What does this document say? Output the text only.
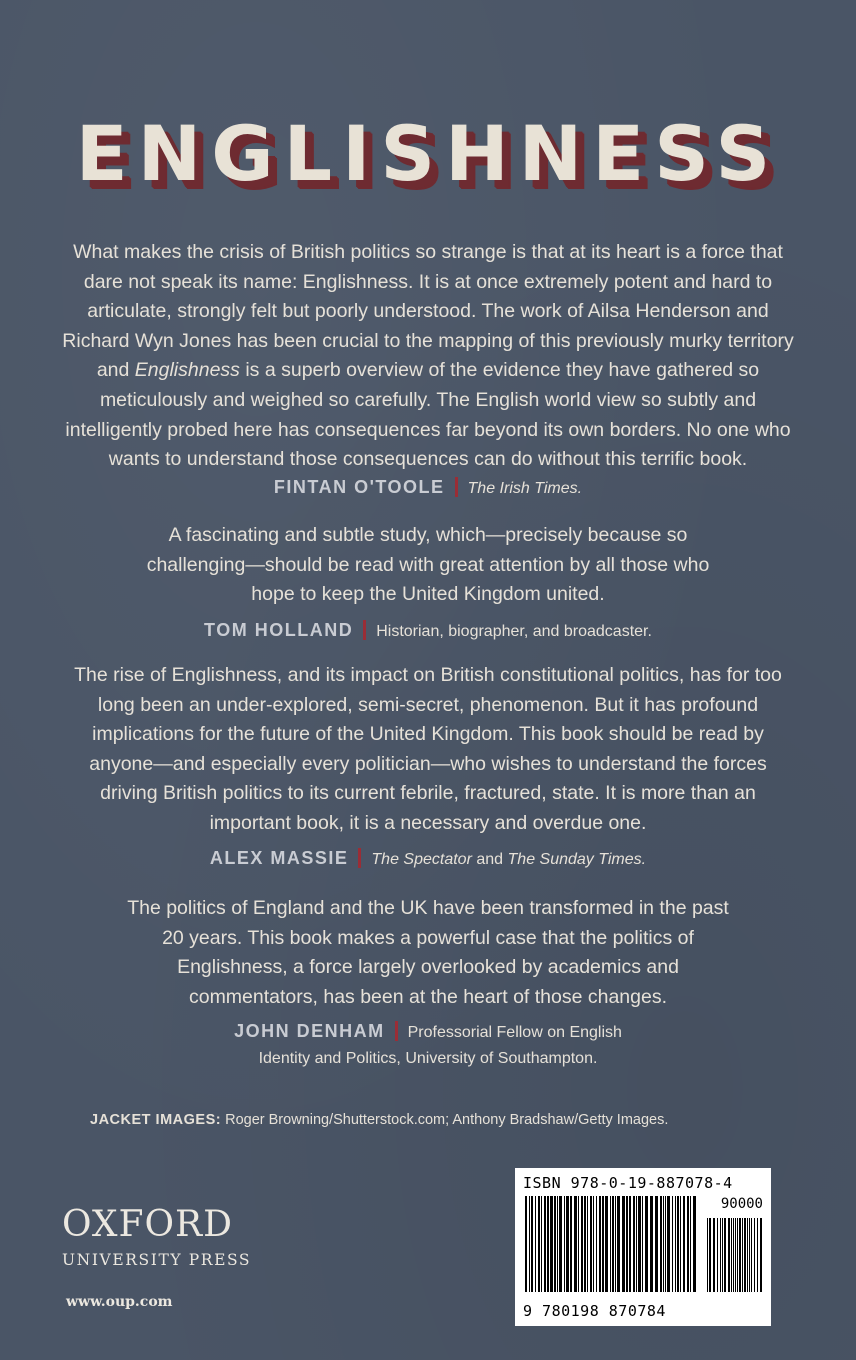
ENGLISHNESS

What makes the crisis of British politics so strange is that at its heart is a force that dare not speak its name: Englishness. It is at once extremely potent and hard to articulate, strongly felt but poorly understood. The work of Ailsa Henderson and Richard Wyn Jones has been crucial to the mapping of this previously murky territory and Englishness is a superb overview of the evidence they have gathered so meticulously and weighed so carefully. The English world view so subtly and intelligently probed here has consequences far beyond its own borders. No one who wants to understand those consequences can do without this terrific book.

FINTAN O'TOOLE The Irish Times.

A fascinating and subtle study, which—precisely because so challenging—should be read with great attention by all those who hope to keep the United Kingdom united.

TOM HOLLAND Historian, biographer, and broadcaster.

The rise of Englishness, and its impact on British constitutional politics, has for too long been an under-explored, semi-secret, phenomenon. But it has profound implications for the future of the United Kingdom. This book should be read by anyone—and especially every politician—who wishes to understand the forces driving British politics to its current febrile, fractured, state. It is more than an important book, it is a necessary and overdue one.

ALEX MASSIE The Spectator and The Sunday Times.

The politics of England and the UK have been transformed in the past 20 years. This book makes a powerful case that the politics of Englishness, a force largely overlooked by academics and commentators, has been at the heart of those changes.

JOHN DENHAM Professorial Fellow on English
Identity and Politics, University of Southampton.
JACKET IMAGES: Roger Browning/Shutterstock.com; Anthony Bradshaw/Getty Images.
OXFORD
UNIVERSITY PRESS
www.oup.com
ISBN 978-0-19-887078-4
90000
9 780198 870784
